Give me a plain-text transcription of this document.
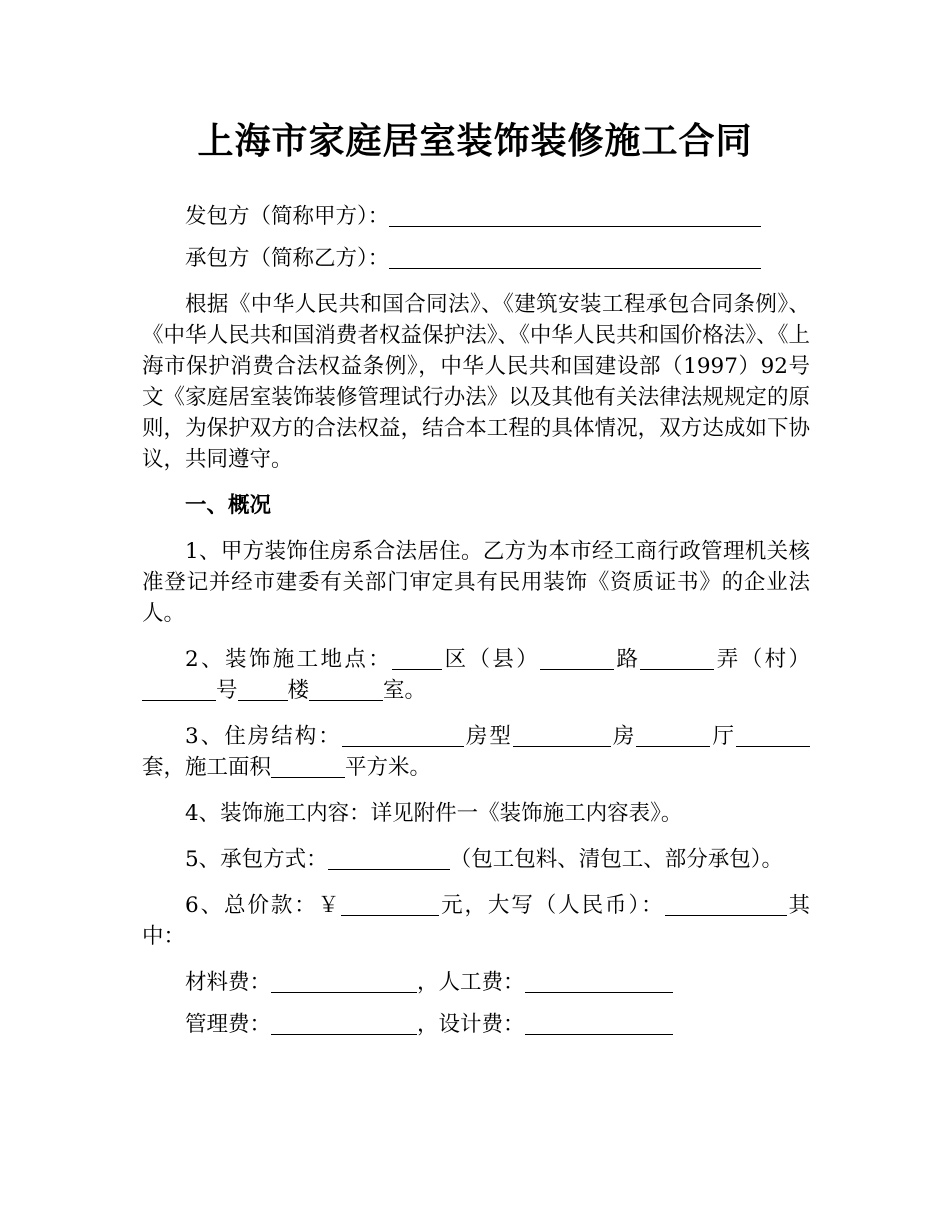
上海市家庭居室装饰装修施工合同

发包方（简称甲方）：

承包方（简称乙方）：

根据《中华人民共和国合同法》、《建筑安装工程承包合同条例》、《中华人民共和国消费者权益保护法》、《中华人民共和国价格法》、《上海市保护消费合法权益条例》，中华人民共和国建设部（1997）92号文《家庭居室装饰装修管理试行办法》以及其他有关法律法规规定的原则，为保护双方的合法权益，结合本工程的具体情况，双方达成如下协议，共同遵守。

一、概况

1、甲方装饰住房系合法居住。乙方为本市经工商行政管理机关核准登记并经市建委有关部门审定具有民用装饰《资质证书》的企业法人。

2、装饰施工地点： 区（县）	路	弄（村）号 楼	室。

3、住房结构：	房型	房	厅套，施工面积	平方米。

4、装饰施工内容：详见附件一《装饰施工内容表》。

5、承包方式：	（包工包料、清包工、部分承包）。

6、总价款：￥	元，大写（人民币）：	其中：

材料费：	，人工费：

管理费：	，设计费：
